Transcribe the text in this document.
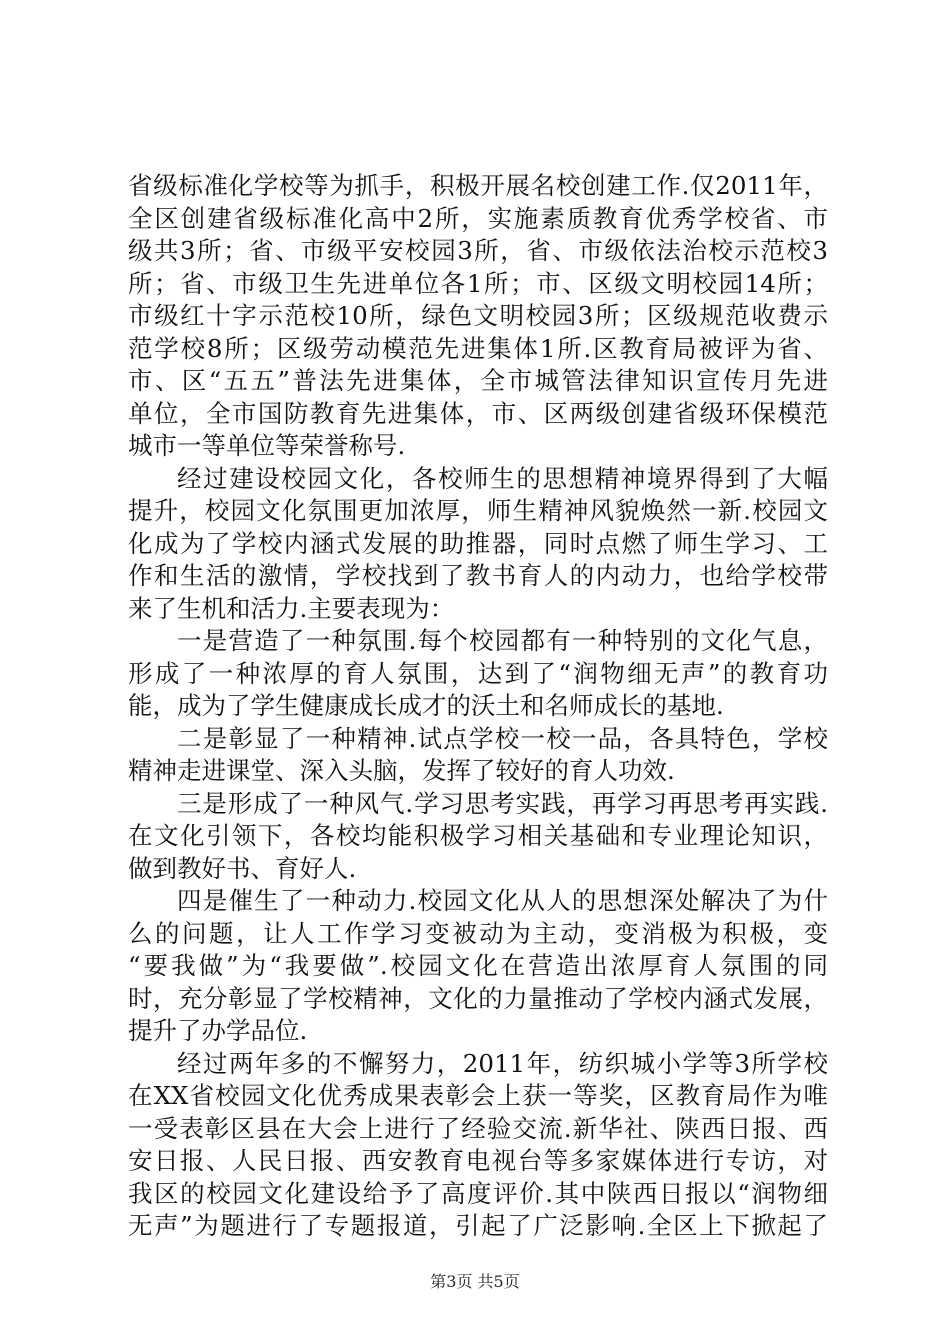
省级标准化学校等为抓手，积极开展名校创建工作.仅2011年，
全区创建省级标准化高中2所，实施素质教育优秀学校省、市
级共3所；省、市级平安校园3所，省、市级依法治校示范校3
所；省、市级卫生先进单位各1所；市、区级文明校园14所；
市级红十字示范校10所，绿色文明校园3所；区级规范收费示
范学校8所；区级劳动模范先进集体1所.区教育局被评为省、
市、区“五五”普法先进集体，全市城管法律知识宣传月先进
单位，全市国防教育先进集体，市、区两级创建省级环保模范
城市一等单位等荣誉称号.
经过建设校园文化，各校师生的思想精神境界得到了大幅
提升，校园文化氛围更加浓厚，师生精神风貌焕然一新.校园文
化成为了学校内涵式发展的助推器，同时点燃了师生学习、工
作和生活的激情，学校找到了教书育人的内动力，也给学校带
来了生机和活力.主要表现为：
一是营造了一种氛围.每个校园都有一种特别的文化气息，
形成了一种浓厚的育人氛围，达到了“润物细无声”的教育功
能，成为了学生健康成长成才的沃土和名师成长的基地.
二是彰显了一种精神.试点学校一校一品，各具特色，学校
精神走进课堂、深入头脑，发挥了较好的育人功效.
三是形成了一种风气.学习思考实践，再学习再思考再实践.
在文化引领下，各校均能积极学习相关基础和专业理论知识，
做到教好书、育好人.
四是催生了一种动力.校园文化从人的思想深处解决了为什
么的问题，让人工作学习变被动为主动，变消极为积极，变
“要我做”为“我要做”.校园文化在营造出浓厚育人氛围的同
时，充分彰显了学校精神，文化的力量推动了学校内涵式发展，
提升了办学品位.
经过两年多的不懈努力，2011年，纺织城小学等3所学校
在XX省校园文化优秀成果表彰会上获一等奖，区教育局作为唯
一受表彰区县在大会上进行了经验交流.新华社、陕西日报、西
安日报、人民日报、西安教育电视台等多家媒体进行专访，对
我区的校园文化建设给予了高度评价.其中陕西日报以“润物细
无声”为题进行了专题报道，引起了广泛影响.全区上下掀起了
第3页 共5页
